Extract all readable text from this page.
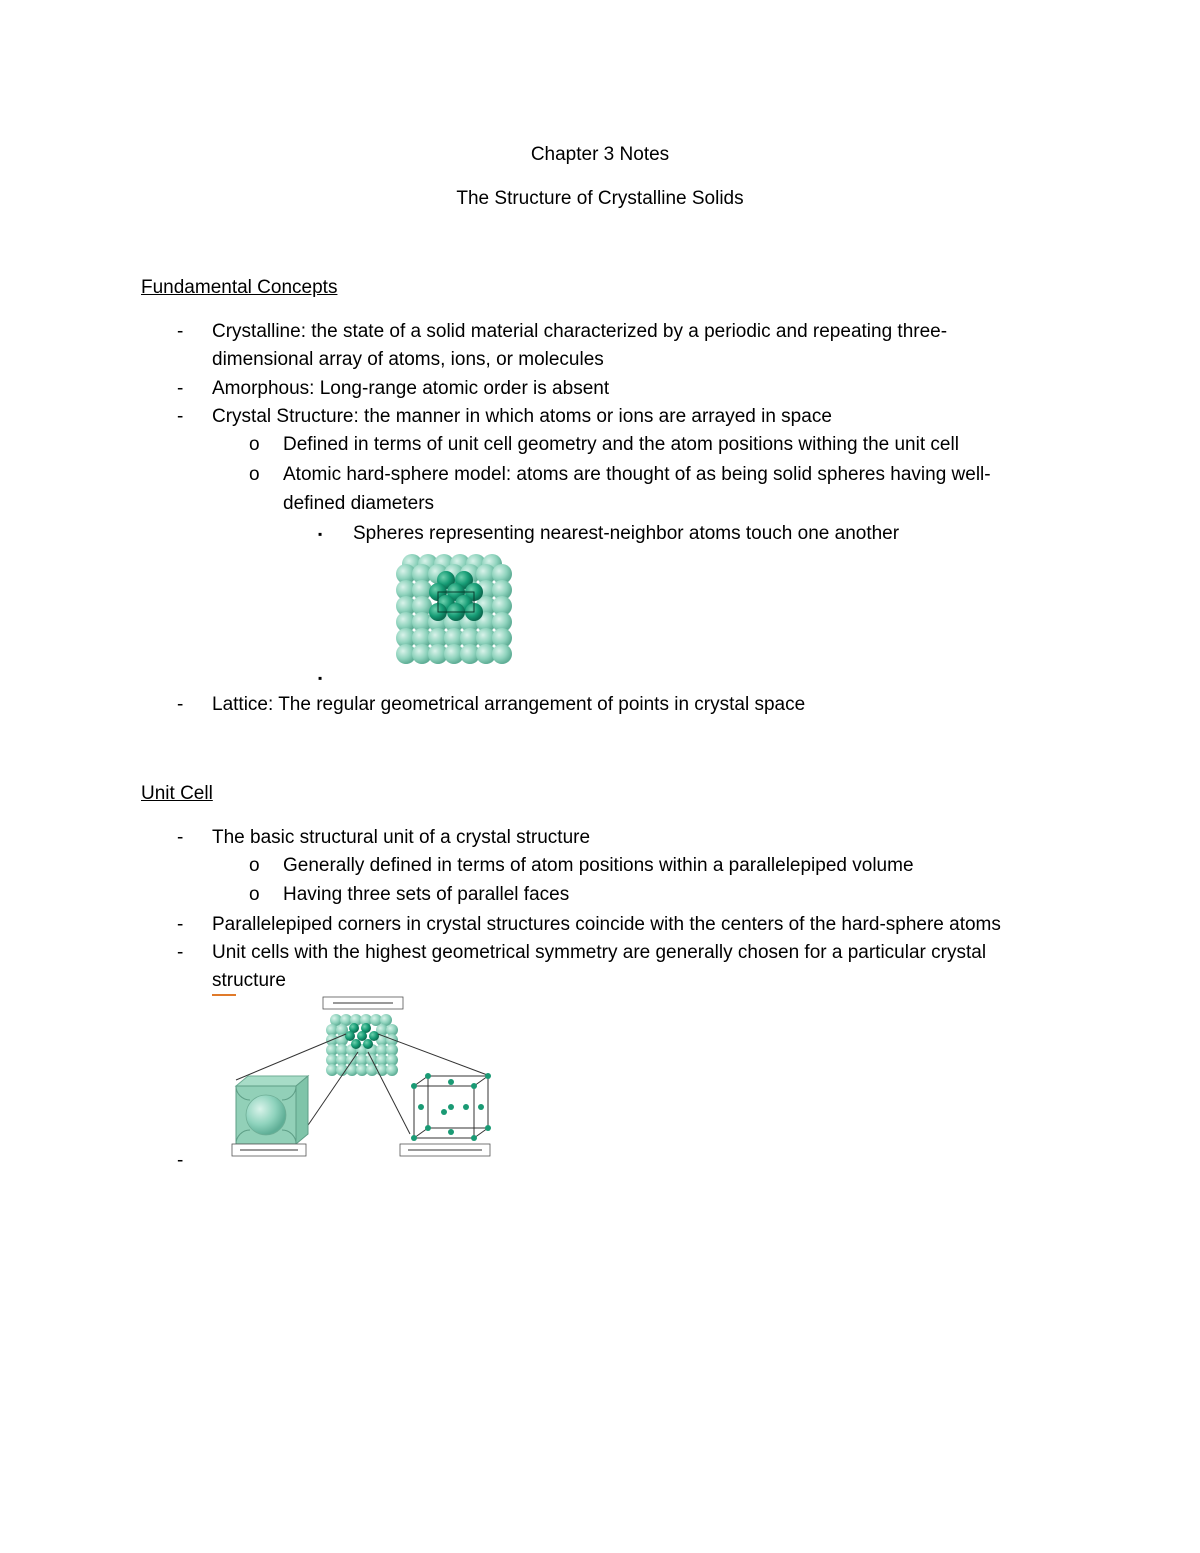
Chapter 3 Notes
The Structure of Crystalline Solids
Fundamental Concepts
- Crystalline: the state of a solid material characterized by a periodic and repeating three-
dimensional array of atoms, ions, or molecules
- Amorphous: Long-range atomic order is absent
- Crystal Structure: the manner in which atoms or ions are arrayed in space
o Defined in terms of unit cell geometry and the atom positions withing the unit cell
o Atomic hard-sphere model: atoms are thought of as being solid spheres having well-
defined diameters
▪ Spheres representing nearest-neighbor atoms touch one another
▪
- Lattice: The regular geometrical arrangement of points in crystal space
Unit Cell
- The basic structural unit of a crystal structure
o Generally defined in terms of atom positions within a parallelepiped volume
o Having three sets of parallel faces
- Parallelepiped corners in crystal structures coincide with the centers of the hard-sphere atoms
- Unit cells with the highest geometrical symmetry are generally chosen for a particular crystal
structure
-
